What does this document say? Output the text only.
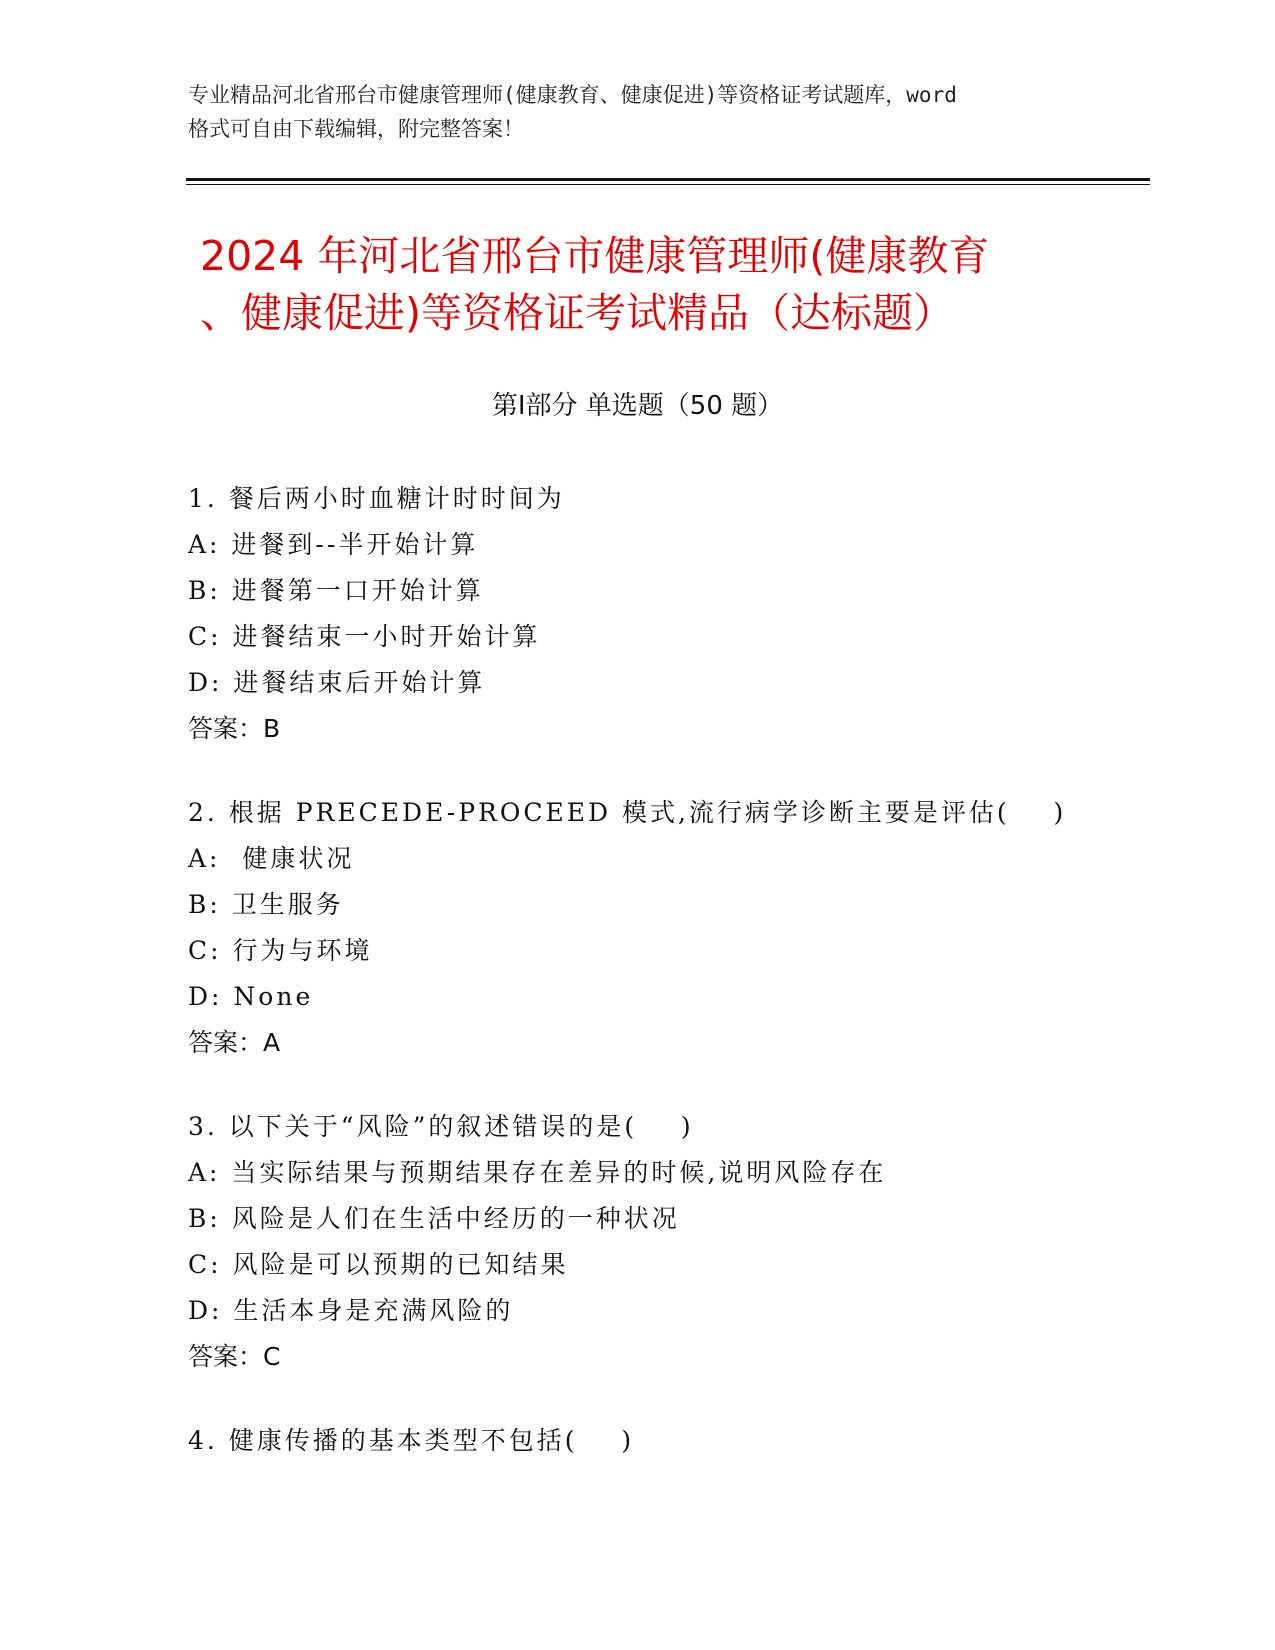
专业精品河北省邢台市健康管理师(健康教育、健康促进)等资格证考试题库，word
格式可自由下载编辑，附完整答案！
2024 年河北省邢台市健康管理师(健康教育
、健康促进)等资格证考试精品（达标题）
第Ⅰ部分 单选题（50 题）
1. 餐后两小时血糖计时时间为
A: 进餐到--半开始计算
B: 进餐第一口开始计算
C: 进餐结束一小时开始计算
D: 进餐结束后开始计算
答案：B
2. 根据 PRECEDE-PROCEED 模式,流行病学诊断主要是评估(    )
A:  健康状况
B: 卫生服务
C: 行为与环境
D: None
答案：A
3. 以下关于“风险”的叙述错误的是(    )
A: 当实际结果与预期结果存在差异的时候,说明风险存在
B: 风险是人们在生活中经历的一种状况
C: 风险是可以预期的已知结果
D: 生活本身是充满风险的
答案：C
4. 健康传播的基本类型不包括(    )
